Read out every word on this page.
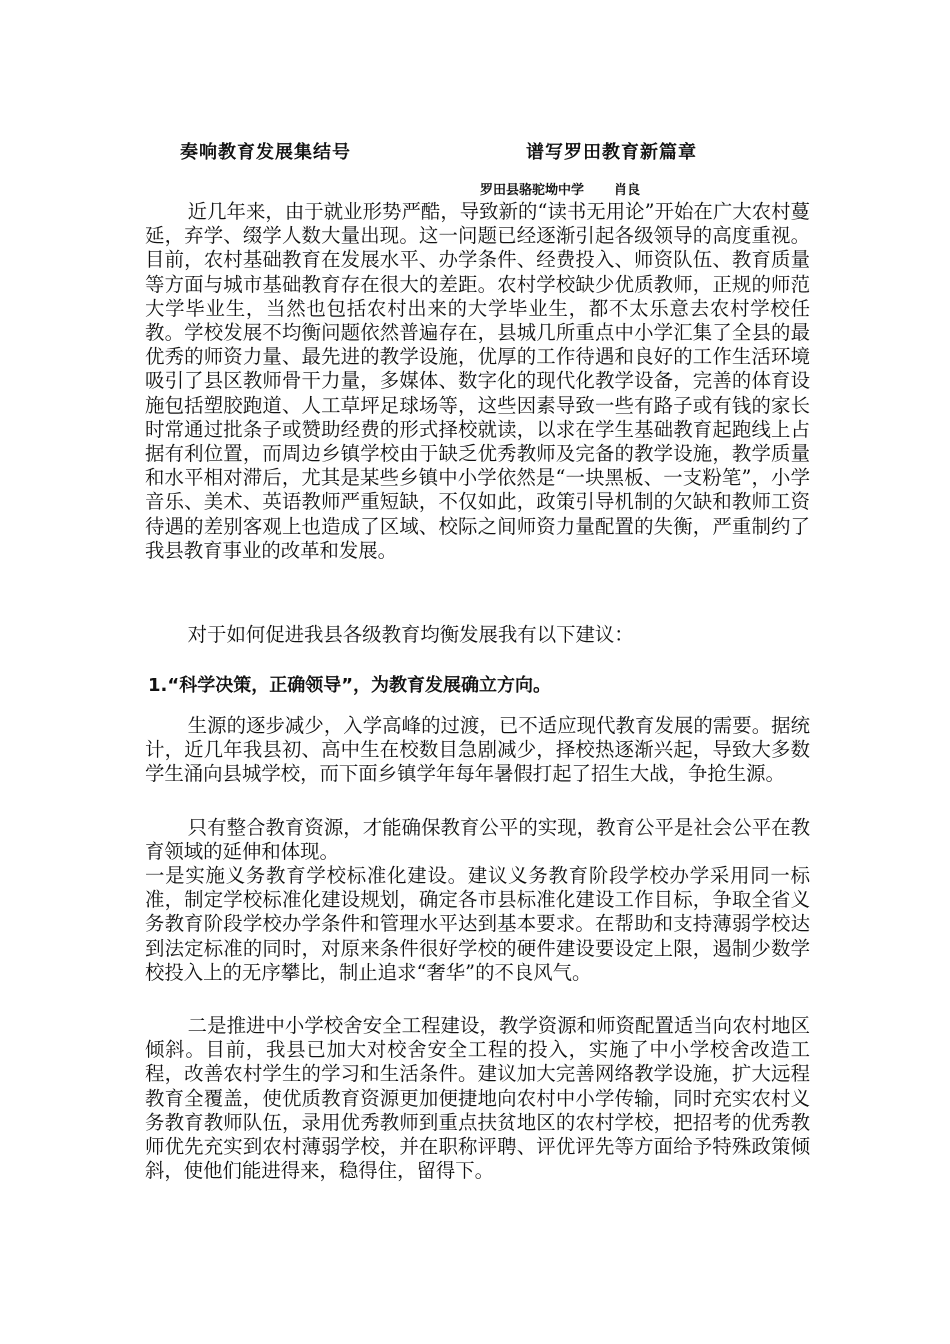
奏响教育发展集结号	谱写罗田教育新篇章
罗田县骆驼坳中学 肖良

近几年来，由于就业形势严酷，导致新的“读书无用论”开始在广大农村蔓延，弃学、缀学人数大量出现。这一问题已经逐渐引起各级领导的高度重视。目前，农村基础教育在发展水平、办学条件、经费投入、师资队伍、教育质量等方面与城市基础教育存在很大的差距。农村学校缺少优质教师，正规的师范大学毕业生，当然也包括农村出来的大学毕业生，都不太乐意去农村学校任教。学校发展不均衡问题依然普遍存在，县城几所重点中小学汇集了全县的最优秀的师资力量、最先进的教学设施，优厚的工作待遇和良好的工作生活环境吸引了县区教师骨干力量，多媒体、数字化的现代化教学设备，完善的体育设施包括塑胶跑道、人工草坪足球场等，这些因素导致一些有路子或有钱的家长时常通过批条子或赞助经费的形式择校就读，以求在学生基础教育起跑线上占据有利位置，而周边乡镇学校由于缺乏优秀教师及完备的教学设施，教学质量和水平相对滞后，尤其是某些乡镇中小学依然是“一块黑板、一支粉笔”，小学音乐、美术、英语教师严重短缺，不仅如此，政策引导机制的欠缺和教师工资待遇的差别客观上也造成了区域、校际之间师资力量配置的失衡，严重制约了我县教育事业的改革和发展。

对于如何促进我县各级教育均衡发展我有以下建议：

1.“科学决策，正确领导”，为教育发展确立方向。

生源的逐步减少，入学高峰的过渡，已不适应现代教育发展的需要。据统计，近几年我县初、高中生在校数目急剧减少，择校热逐渐兴起，导致大多数学生涌向县城学校，而下面乡镇学年每年暑假打起了招生大战，争抢生源。

只有整合教育资源，才能确保教育公平的实现，教育公平是社会公平在教育领域的延伸和体现。

一是实施义务教育学校标准化建设。建议义务教育阶段学校办学采用同一标准，制定学校标准化建设规划，确定各市县标准化建设工作目标，争取全省义务教育阶段学校办学条件和管理水平达到基本要求。在帮助和支持薄弱学校达到法定标准的同时，对原来条件很好学校的硬件建设要设定上限，遏制少数学校投入上的无序攀比，制止追求“奢华”的不良风气。

二是推进中小学校舍安全工程建设，教学资源和师资配置适当向农村地区倾斜。目前，我县已加大对校舍安全工程的投入，实施了中小学校舍改造工程，改善农村学生的学习和生活条件。建议加大完善网络教学设施，扩大远程教育全覆盖，使优质教育资源更加便捷地向农村中小学传输，同时充实农村义务教育教师队伍，录用优秀教师到重点扶贫地区的农村学校，把招考的优秀教师优先充实到农村薄弱学校，并在职称评聘、评优评先等方面给予特殊政策倾斜，使他们能进得来，稳得住，留得下。
